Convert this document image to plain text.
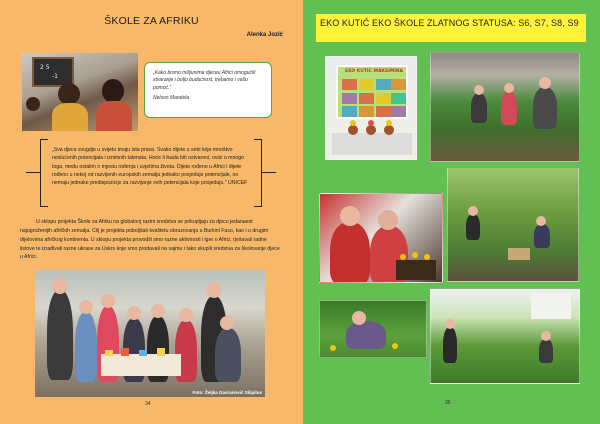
ŠKOLE ZA AFRIKU
Alenka Jozić
2 5
-1	„Kako bismo milijunima djeceu Africi omogućili stvaranje i bolju budućnost, trebamo i vašu pomoć."
Nelson Mandela
„Sva djeca svugdje u svijetu imaju ista prava. Svako dijete u sebi krije mnoštvo neslućenih potencijala i iznimnih talenata. Hoće li ikada biti ostvareni, ovisi o mnogo toga, među ostalim o mjestu rođenja i uvjetima života. Dijete rođeno u Africi i dijete rođeno u nekoj od razvijenih europskih zemalja jednako posjeduje potencijale, no nemaju jednake predispozicije za razvijanje svih potencijala koje posjeduju." UNICEF
U sklopu projekta Škole za Afriku na globalnoj razini sredstva se prikupljaju za djecu jedanaest najugroženijih afričkih zemalja. Cilj je projekta poboljšati kvalitetu obrazovanja u Burkini Faso, kao i u drugim dijelovima afričkog kontinenta. U sklopu projekta provodili smo razne aktivnosti i igre o Africi, rješavali radne listove te izrađivali razne ukrase za Uskrs koje smo prodavali na sajmu i tako skupili sredstva za školovanje djece u Africi.
Foto: Željka Gavranović Silipilus
34
EKO KUTIĆ EKO ŠKOLE ZLATNOG STATUSA: S6, S7, S8, S9
EKO KUTIĆ MAKSIMIRA
35
